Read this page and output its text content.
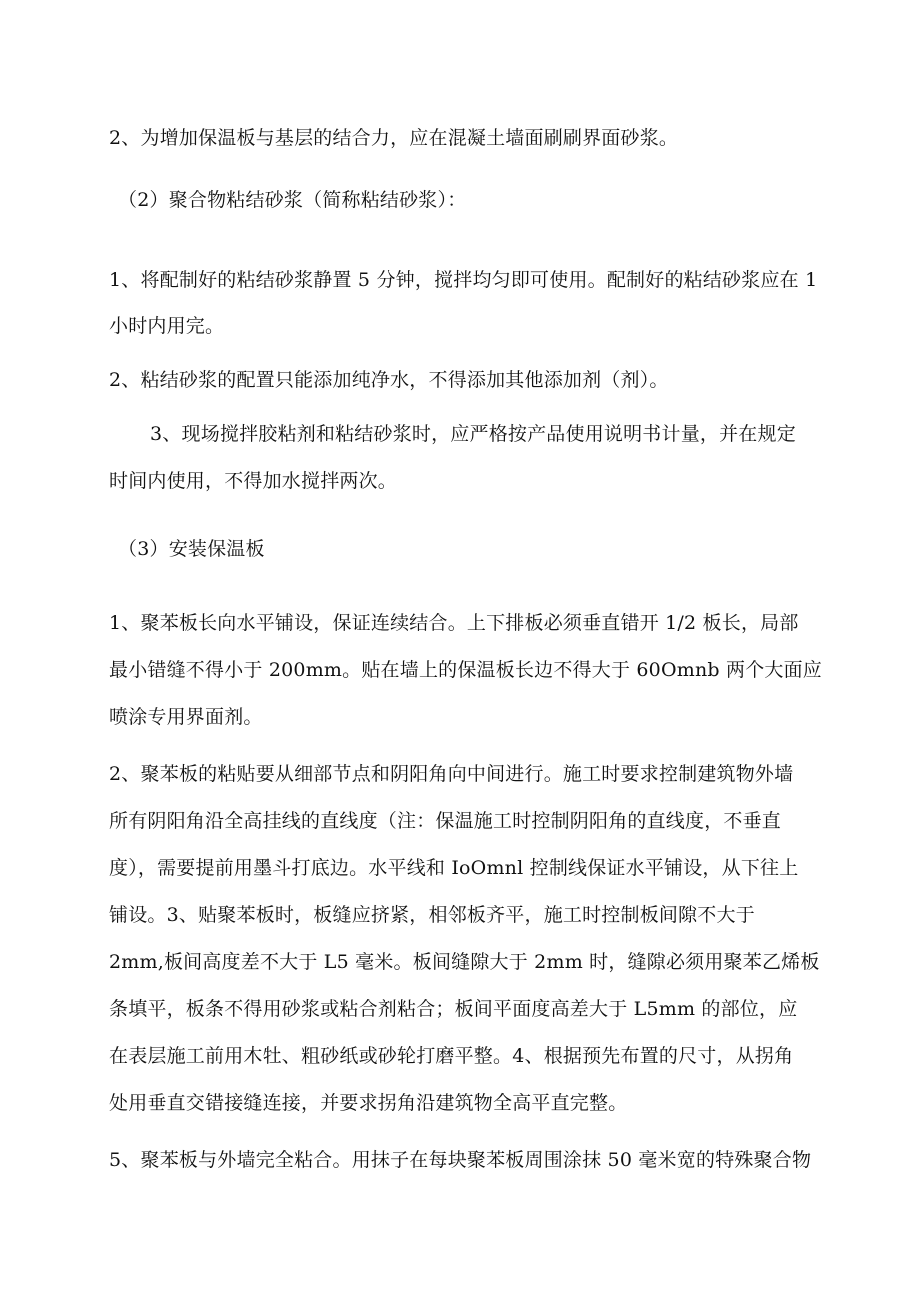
2、为增加保温板与基层的结合力，应在混凝土墙面刷刷界面砂浆。
（2）聚合物粘结砂浆（简称粘结砂浆）：
1、将配制好的粘结砂浆静置 5 分钟，搅拌均匀即可使用。配制好的粘结砂浆应在 1
小时内用完。
2、粘结砂浆的配置只能添加纯净水，不得添加其他添加剂（剂）。
3、现场搅拌胶粘剂和粘结砂浆时，应严格按产品使用说明书计量，并在规定
时间内使用，不得加水搅拌两次。
（3）安装保温板
1、聚苯板长向水平铺设，保证连续结合。上下排板必须垂直错开 1/2 板长，局部
最小错缝不得小于 200mm。贴在墙上的保温板长边不得大于 60Omnb 两个大面应
喷涂专用界面剂。
2、聚苯板的粘贴要从细部节点和阴阳角向中间进行。施工时要求控制建筑物外墙
所有阴阳角沿全高挂线的直线度（注：保温施工时控制阴阳角的直线度，不垂直
度），需要提前用墨斗打底边。水平线和 IoOmnl 控制线保证水平铺设，从下往上
铺设。3、贴聚苯板时，板缝应挤紧，相邻板齐平，施工时控制板间隙不大于
2mm,板间高度差不大于 L5 毫米。板间缝隙大于 2mm 时，缝隙必须用聚苯乙烯板
条填平，板条不得用砂浆或粘合剂粘合；板间平面度高差大于 L5mm 的部位，应
在表层施工前用木牡、粗砂纸或砂轮打磨平整。4、根据预先布置的尺寸，从拐角
处用垂直交错接缝连接，并要求拐角沿建筑物全高平直完整。
5、聚苯板与外墙完全粘合。用抹子在每块聚苯板周围涂抹 50 毫米宽的特殊聚合物
